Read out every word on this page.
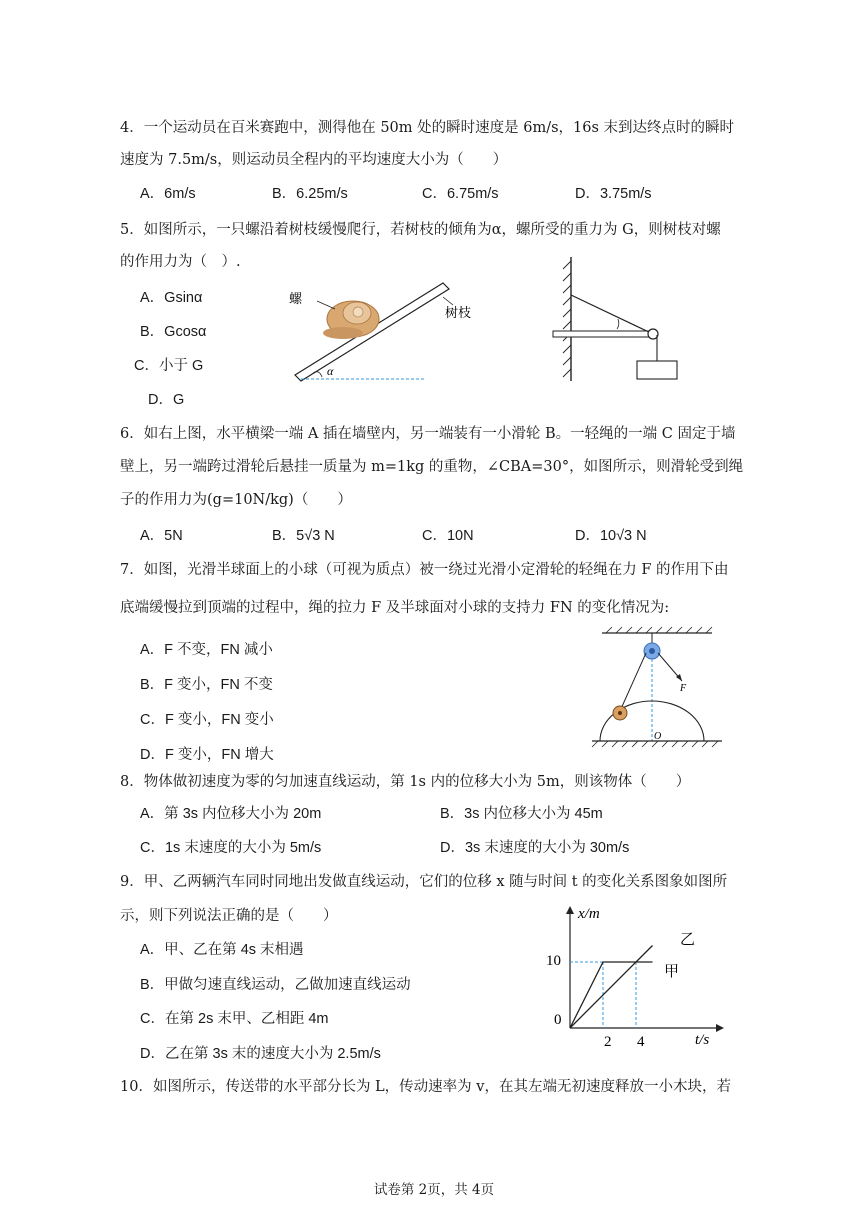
4．一个运动员在百米赛跑中，测得他在 50m 处的瞬时速度是 6m/s，16s 末到达终点时的瞬时
速度为 7.5m/s，则运动员全程内的平均速度大小为（　　）
A．6m/s	B．6.25m/s	C．6.75m/s	D．3.75m/s
5．如图所示，一只螺沿着树枝缓慢爬行，若树枝的倾角为α，螺所受的重力为 G，则树枝对螺
的作用力为（　）.
A．Gsinα
B．Gcosα
C．小于 G
D．G
螺
树枝
α
6．如右上图，水平横梁一端 A 插在墙壁内，另一端装有一小滑轮 B。一轻绳的一端 C 固定于墙
壁上，另一端跨过滑轮后悬挂一质量为 m=1kg 的重物，∠CBA=30°，如图所示，则滑轮受到绳
子的作用力为(g=10N/kg)（　　）
A．5N	B．5√3 N	C．10N	D．10√3 N
7．如图，光滑半球面上的小球（可视为质点）被一绕过光滑小定滑轮的轻绳在力 F 的作用下由
底端缓慢拉到顶端的过程中，绳的拉力 F 及半球面对小球的支持力 FN 的变化情况为:
A．F 不变，FN 减小
B．F 变小，FN 不变
C．F 变小，FN 变小
D．F 变小，FN 增大
F
O
8．物体做初速度为零的匀加速直线运动，第 1s 内的位移大小为 5m，则该物体（　　）
A．第 3s 内位移大小为 20m	B．3s 内位移大小为 45m
C．1s 末速度的大小为 5m/s	D．3s 末速度的大小为 30m/s
9．甲、乙两辆汽车同时同地出发做直线运动，它们的位移 x 随与时间 t 的变化关系图象如图所
示，则下列说法正确的是（　　）
A．甲、乙在第 4s 末相遇
B．甲做匀速直线运动，乙做加速直线运动
C．在第 2s 末甲、乙相距 4m
D．乙在第 3s 末的速度大小为 2.5m/s
x/m
t/s
0
10
2 4
乙
甲
10．如图所示，传送带的水平部分长为 L，传动速率为 v，在其左端无初速度释放一小木块，若
试卷第 2页，共 4页
